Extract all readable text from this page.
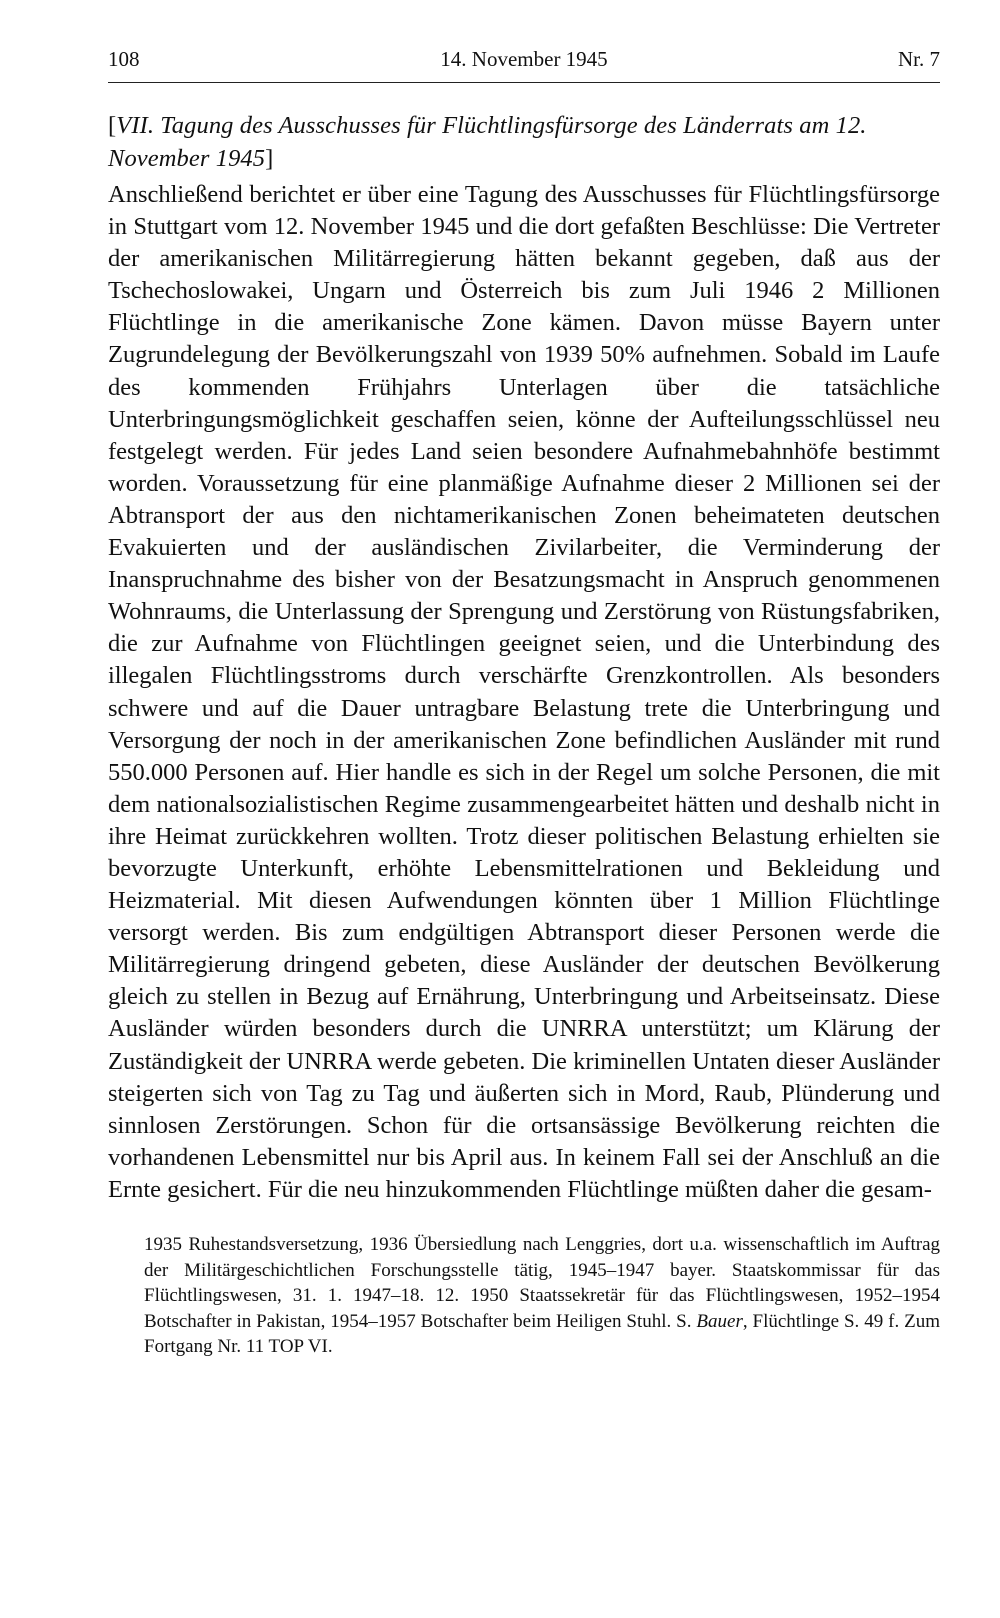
108	14. November 1945	Nr. 7
[VII. Tagung des Ausschusses für Flüchtlingsfürsorge des Länderrats am 12. November 1945]
Anschließend berichtet er über eine Tagung des Ausschusses für Flüchtlingsfürsorge in Stuttgart vom 12. November 1945 und die dort gefaßten Beschlüsse: Die Vertreter der amerikanischen Militärregierung hätten bekannt gegeben, daß aus der Tschechoslowakei, Ungarn und Österreich bis zum Juli 1946 2 Millionen Flüchtlinge in die amerikanische Zone kämen. Davon müsse Bayern unter Zugrundelegung der Bevölkerungszahl von 1939 50% aufnehmen. Sobald im Laufe des kommenden Frühjahrs Unterlagen über die tatsächliche Unterbringungsmöglichkeit geschaffen seien, könne der Aufteilungsschlüssel neu festgelegt werden. Für jedes Land seien besondere Aufnahmebahnhöfe bestimmt worden. Voraussetzung für eine planmäßige Aufnahme dieser 2 Millionen sei der Abtransport der aus den nichtamerikanischen Zonen beheimateten deutschen Evakuierten und der ausländischen Zivilarbeiter, die Verminderung der Inanspruchnahme des bisher von der Besatzungsmacht in Anspruch genommenen Wohnraums, die Unterlassung der Sprengung und Zerstörung von Rüstungsfabriken, die zur Aufnahme von Flüchtlingen geeignet seien, und die Unterbindung des illegalen Flüchtlingsstroms durch verschärfte Grenzkontrollen. Als besonders schwere und auf die Dauer untragbare Belastung trete die Unterbringung und Versorgung der noch in der amerikanischen Zone befindlichen Ausländer mit rund 550.000 Personen auf. Hier handle es sich in der Regel um solche Personen, die mit dem nationalsozialistischen Regime zusammengearbeitet hätten und deshalb nicht in ihre Heimat zurückkehren wollten. Trotz dieser politischen Belastung erhielten sie bevorzugte Unterkunft, erhöhte Lebensmittelrationen und Bekleidung und Heizmaterial. Mit diesen Aufwendungen könnten über 1 Million Flüchtlinge versorgt werden. Bis zum endgültigen Abtransport dieser Personen werde die Militärregierung dringend gebeten, diese Ausländer der deutschen Bevölkerung gleich zu stellen in Bezug auf Ernährung, Unterbringung und Arbeitseinsatz. Diese Ausländer würden besonders durch die UNRRA unterstützt; um Klärung der Zuständigkeit der UNRRA werde gebeten. Die kriminellen Untaten dieser Ausländer steigerten sich von Tag zu Tag und äußerten sich in Mord, Raub, Plünderung und sinnlosen Zerstörungen. Schon für die ortsansässige Bevölkerung reichten die vorhandenen Lebensmittel nur bis April aus. In keinem Fall sei der Anschluß an die Ernte gesichert. Für die neu hinzukommenden Flüchtlinge müßten daher die gesam-
1935 Ruhestandsversetzung, 1936 Übersiedlung nach Lenggries, dort u.a. wissenschaftlich im Auftrag der Militärgeschichtlichen Forschungsstelle tätig, 1945–1947 bayer. Staatskommissar für das Flüchtlingswesen, 31. 1. 1947–18. 12. 1950 Staatssekretär für das Flüchtlingswesen, 1952–1954 Botschafter in Pakistan, 1954–1957 Botschafter beim Heiligen Stuhl. S. Bauer, Flüchtlinge S. 49 f. Zum Fortgang Nr. 11 TOP VI.
